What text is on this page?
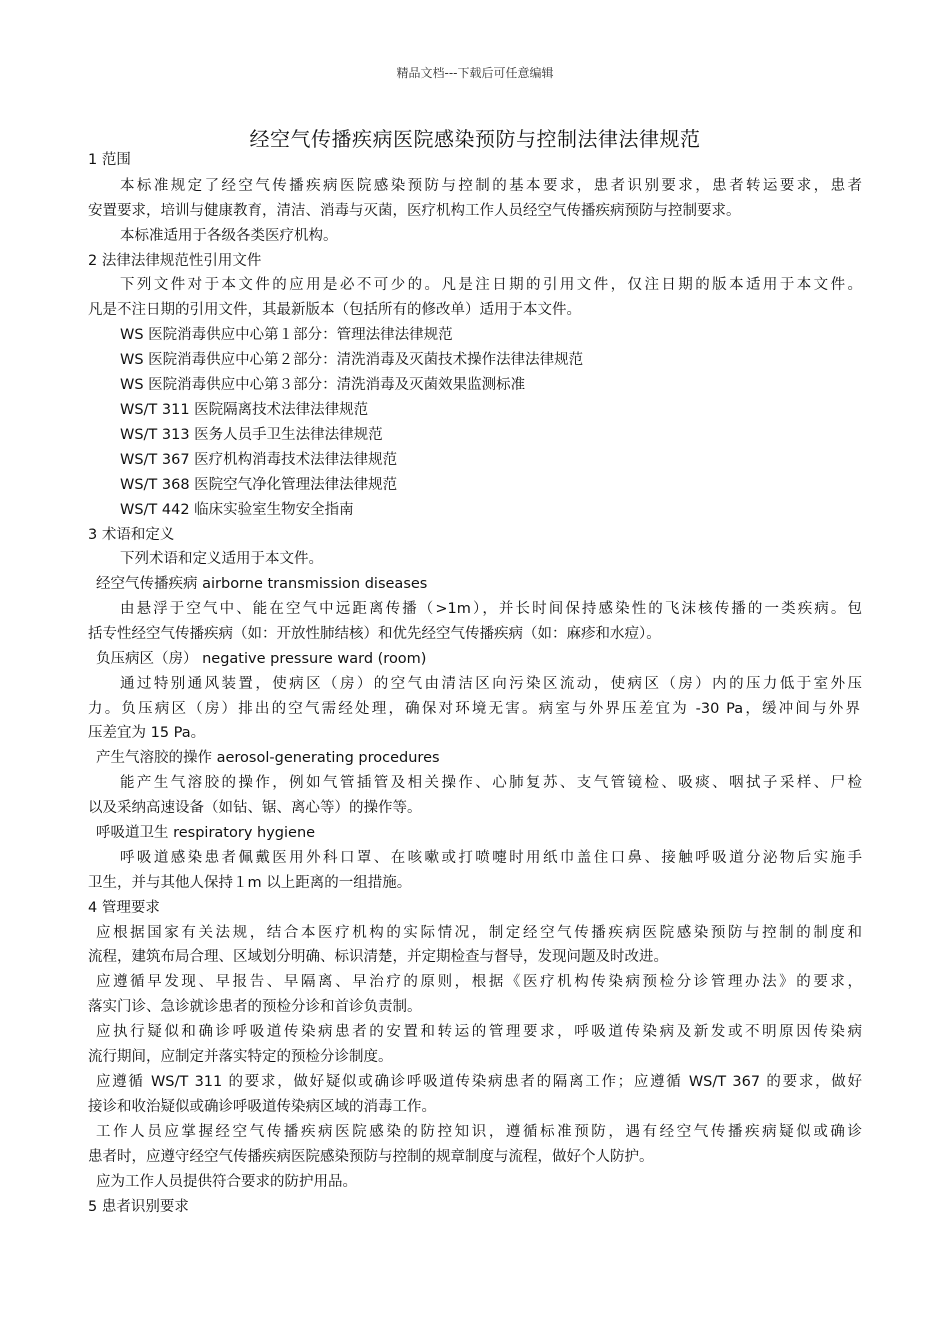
精品文档---下载后可任意编辑
经空气传播疾病医院感染预防与控制法律法律规范
1 范围
本标准规定了经空气传播疾病医院感染预防与控制的基本要求，患者识别要求，患者转运要求，患者
安置要求，培训与健康教育，清洁、消毒与灭菌，医疗机构工作人员经空气传播疾病预防与控制要求。
本标准适用于各级各类医疗机构。
2 法律法律规范性引用文件
下列文件对于本文件的应用是必不可少的。凡是注日期的引用文件，仅注日期的版本适用于本文件。
凡是不注日期的引用文件，其最新版本（包括所有的修改单）适用于本文件。
WS 医院消毒供应中心第１部分：管理法律法律规范
WS 医院消毒供应中心第２部分：清洗消毒及灭菌技术操作法律法律规范
WS 医院消毒供应中心第３部分：清洗消毒及灭菌效果监测标准
WS/T 311 医院隔离技术法律法律规范
WS/T 313 医务人员手卫生法律法律规范
WS/T 367 医疗机构消毒技术法律法律规范
WS/T 368 医院空气净化管理法律法律规范
WS/T 442 临床实验室生物安全指南
3 术语和定义
下列术语和定义适用于本文件。
经空气传播疾病 airborne transmission diseases
由悬浮于空气中、能在空气中远距离传播（>1m），并长时间保持感染性的飞沫核传播的一类疾病。包
括专性经空气传播疾病（如：开放性肺结核）和优先经空气传播疾病（如：麻疹和水痘）。
负压病区（房） negative pressure ward (room)
通过特别通风装置，使病区（房）的空气由清洁区向污染区流动，使病区（房）内的压力低于室外压
力。负压病区（房）排出的空气需经处理，确保对环境无害。病室与外界压差宜为 -30 Pa，缓冲间与外界
压差宜为 15 Pa。
产生气溶胶的操作 aerosol-generating procedures
能产生气溶胶的操作，例如气管插管及相关操作、心肺复苏、支气管镜检、吸痰、咽拭子采样、尸检
以及采纳高速设备（如钻、锯、离心等）的操作等。
呼吸道卫生 respiratory hygiene
呼吸道感染患者佩戴医用外科口罩、在咳嗽或打喷嚏时用纸巾盖住口鼻、接触呼吸道分泌物后实施手
卫生，并与其他人保持１m 以上距离的一组措施。
4 管理要求
应根据国家有关法规，结合本医疗机构的实际情况，制定经空气传播疾病医院感染预防与控制的制度和
流程，建筑布局合理、区域划分明确、标识清楚，并定期检查与督导，发现问题及时改进。
应遵循早发现、早报告、早隔离、早治疗的原则，根据《医疗机构传染病预检分诊管理办法》的要求，
落实门诊、急诊就诊患者的预检分诊和首诊负责制。
应执行疑似和确诊呼吸道传染病患者的安置和转运的管理要求，呼吸道传染病及新发或不明原因传染病
流行期间，应制定并落实特定的预检分诊制度。
应遵循 WS/T 311 的要求，做好疑似或确诊呼吸道传染病患者的隔离工作；应遵循 WS/T 367 的要求，做好
接诊和收治疑似或确诊呼吸道传染病区域的消毒工作。
工作人员应掌握经空气传播疾病医院感染的防控知识，遵循标准预防，遇有经空气传播疾病疑似或确诊
患者时，应遵守经空气传播疾病医院感染预防与控制的规章制度与流程，做好个人防护。
应为工作人员提供符合要求的防护用品。
5 患者识别要求
